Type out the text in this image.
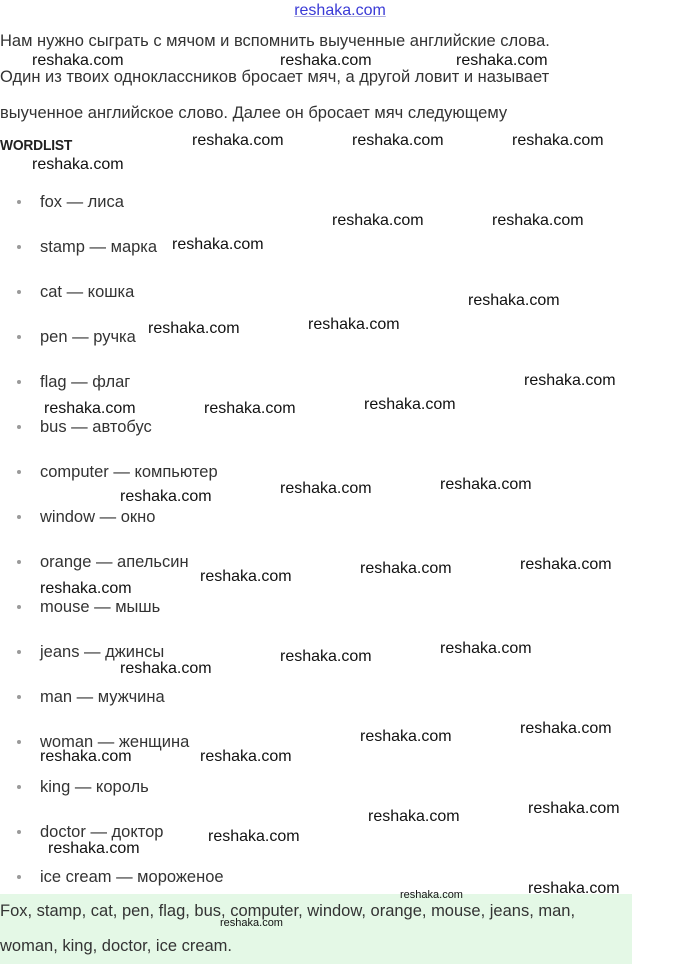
reshaka.com

Нам нужно сыграть с мячом и вспомнить выученные английские слова.

Один из твоих одноклассников бросает мяч, а другой ловит и называет

выученное английское слово. Далее он бросает мяч следующему

WORDLIST
fox — лиса
stamp — марка
cat — кошка
pen — ручка
flag — флаг
bus — автобус
computer — компьютер
window — окно
orange — апельсин
mouse — мышь
jeans — джинсы
man — мужчина
woman — женщина
king — король
doctor — доктор
ice cream — мороженое
Fox, stamp, cat, pen, flag, bus, computer, window, orange, mouse, jeans, man,
woman, king, doctor, ice cream.
reshaka.com	reshaka.com	reshaka.com
reshaka.com	reshaka.com	reshaka.com
reshaka.com
reshaka.com	reshaka.com
reshaka.com
reshaka.com
reshaka.com
reshaka.com
reshaka.com
reshaka.com
reshaka.com	reshaka.com
reshaka.com
reshaka.com
reshaka.com
reshaka.com
reshaka.com
reshaka.com
reshaka.com
reshaka.com
reshaka.com
reshaka.com
reshaka.com
reshaka.com
reshaka.com	reshaka.com
reshaka.com
reshaka.com
reshaka.com
reshaka.com
reshaka.com
reshaka.com
reshaka.com
